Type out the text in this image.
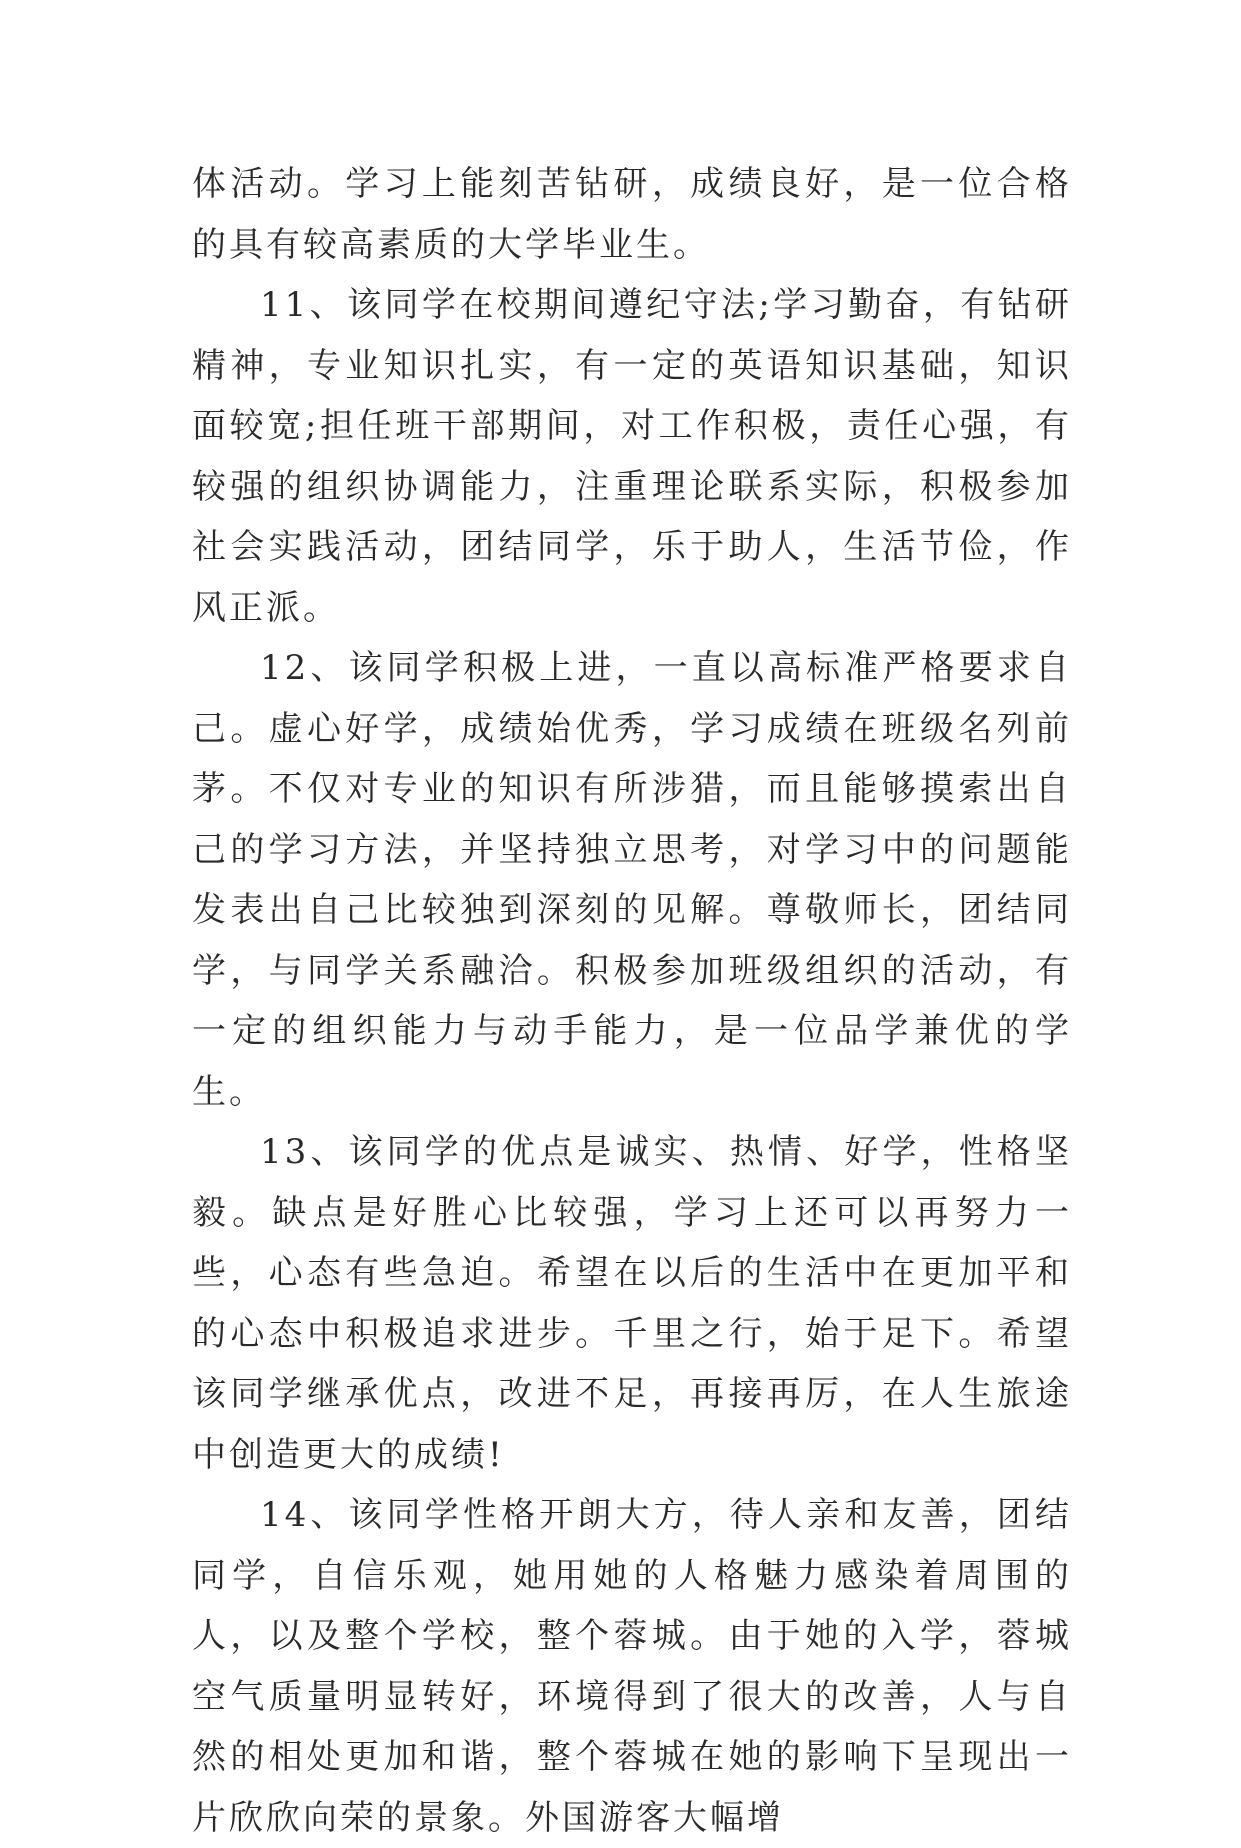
体活动。学习上能刻苦钻研，成绩良好，是一位合格的具有较高素质的大学毕业生。

11、该同学在校期间遵纪守法;学习勤奋，有钻研精神，专业知识扎实，有一定的英语知识基础，知识面较宽;担任班干部期间，对工作积极，责任心强，有较强的组织协调能力，注重理论联系实际，积极参加社会实践活动，团结同学，乐于助人，生活节俭，作风正派。

12、该同学积极上进，一直以高标准严格要求自己。虚心好学，成绩始优秀，学习成绩在班级名列前茅。不仅对专业的知识有所涉猎，而且能够摸索出自己的学习方法，并坚持独立思考，对学习中的问题能发表出自己比较独到深刻的见解。尊敬师长，团结同学，与同学关系融洽。积极参加班级组织的活动，有一定的组织能力与动手能力，是一位品学兼优的学生。

13、该同学的优点是诚实、热情、好学，性格坚毅。缺点是好胜心比较强，学习上还可以再努力一些，心态有些急迫。希望在以后的生活中在更加平和的心态中积极追求进步。千里之行，始于足下。希望该同学继承优点，改进不足，再接再厉，在人生旅途中创造更大的成绩!

14、该同学性格开朗大方，待人亲和友善，团结同学，自信乐观，她用她的人格魅力感染着周围的人，以及整个学校，整个蓉城。由于她的入学，蓉城空气质量明显转好，环境得到了很大的改善，人与自然的相处更加和谐，整个蓉城在她的影响下呈现出一片欣欣向荣的景象。外国游客大幅增
